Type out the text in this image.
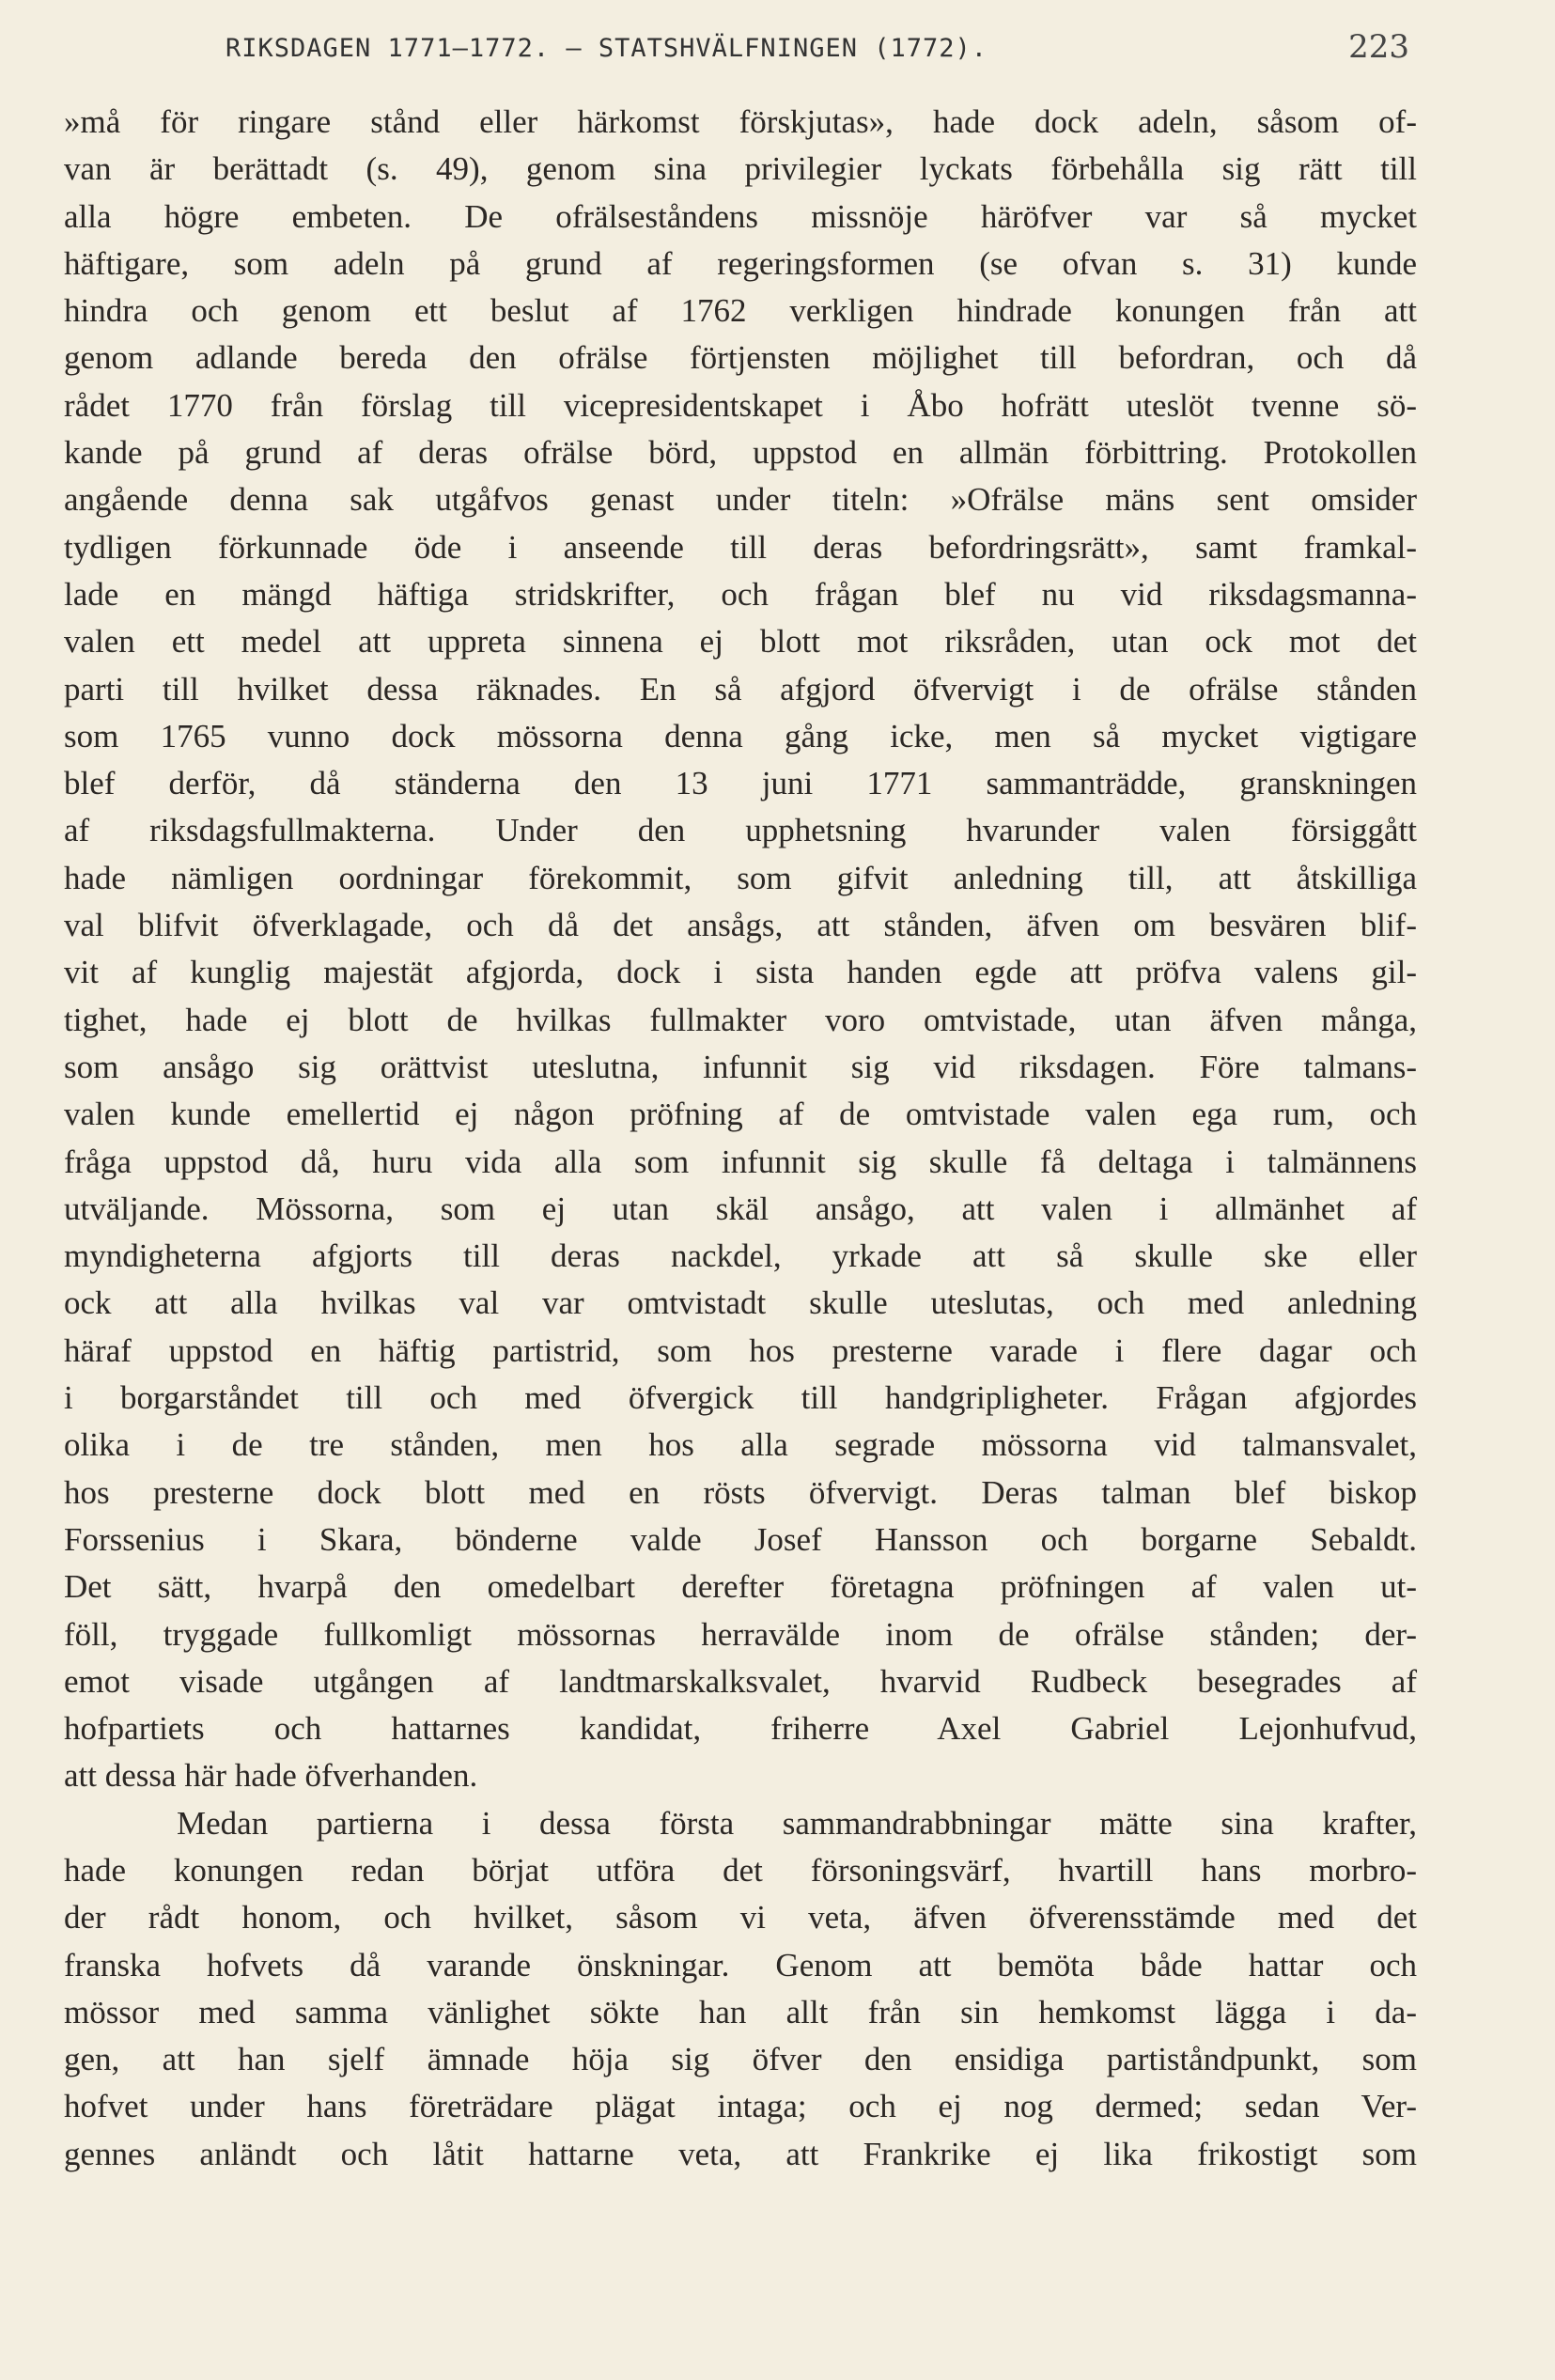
RIKSDAGEN 1771—1772. — STATSHVÄLFNINGEN (1772).	223
»må för ringare stånd eller härkomst förskjutas», hade dock adeln, såsom of-
van är berättadt (s. 49), genom sina privilegier lyckats förbehålla sig rätt till
alla högre embeten. De ofrälseståndens missnöje häröfver var så mycket
häftigare, som adeln på grund af regeringsformen (se ofvan s. 31) kunde
hindra och genom ett beslut af 1762 verkligen hindrade konungen från att
genom adlande bereda den ofrälse förtjensten möjlighet till befordran, och då
rådet 1770 från förslag till vicepresidentskapet i Åbo hofrätt uteslöt tvenne sö-
kande på grund af deras ofrälse börd, uppstod en allmän förbittring. Protokollen
angående denna sak utgåfvos genast under titeln: »Ofrälse mäns sent omsider
tydligen förkunnade öde i anseende till deras befordringsrätt», samt framkal-
lade en mängd häftiga stridskrifter, och frågan blef nu vid riksdagsmanna-
valen ett medel att uppreta sinnena ej blott mot riksråden, utan ock mot det
parti till hvilket dessa räknades. En så afgjord öfvervigt i de ofrälse stånden
som 1765 vunno dock mössorna denna gång icke, men så mycket vigtigare
blef derför, då ständerna den 13 juni 1771 sammanträdde, granskningen
af riksdagsfullmakterna. Under den upphetsning hvarunder valen försiggått
hade nämligen oordningar förekommit, som gifvit anledning till, att åtskilliga
val blifvit öfverklagade, och då det ansågs, att stånden, äfven om besvären blif-
vit af kunglig majestät afgjorda, dock i sista handen egde att pröfva valens gil-
tighet, hade ej blott de hvilkas fullmakter voro omtvistade, utan äfven många,
som ansågo sig orättvist uteslutna, infunnit sig vid riksdagen. Före talmans-
valen kunde emellertid ej någon pröfning af de omtvistade valen ega rum, och
fråga uppstod då, huru vida alla som infunnit sig skulle få deltaga i talmännens
utväljande. Mössorna, som ej utan skäl ansågo, att valen i allmänhet af
myndigheterna afgjorts till deras nackdel, yrkade att så skulle ske eller
ock att alla hvilkas val var omtvistadt skulle uteslutas, och med anledning
häraf uppstod en häftig partistrid, som hos presterne varade i flere dagar och
i borgarståndet till och med öfvergick till handgripligheter. Frågan afgjordes
olika i de tre stånden, men hos alla segrade mössorna vid talmansvalet,
hos presterne dock blott med en rösts öfvervigt. Deras talman blef biskop
Forssenius i Skara, bönderne valde Josef Hansson och borgarne Sebaldt.
Det sätt, hvarpå den omedelbart derefter företagna pröfningen af valen ut-
föll, tryggade fullkomligt mössornas herravälde inom de ofrälse stånden; der-
emot visade utgången af landtmarskalksvalet, hvarvid Rudbeck besegrades af
hofpartiets och hattarnes kandidat, friherre Axel Gabriel Lejonhufvud,
att dessa här hade öfverhanden.
Medan partierna i dessa första sammandrabbningar mätte sina krafter,
hade konungen redan börjat utföra det försoningsvärf, hvartill hans morbro-
der rådt honom, och hvilket, såsom vi veta, äfven öfverensstämde med det
franska hofvets då varande önskningar. Genom att bemöta både hattar och
mössor med samma vänlighet sökte han allt från sin hemkomst lägga i da-
gen, att han sjelf ämnade höja sig öfver den ensidiga partiståndpunkt, som
hofvet under hans företrädare plägat intaga; och ej nog dermed; sedan Ver-
gennes anländt och låtit hattarne veta, att Frankrike ej lika frikostigt som
